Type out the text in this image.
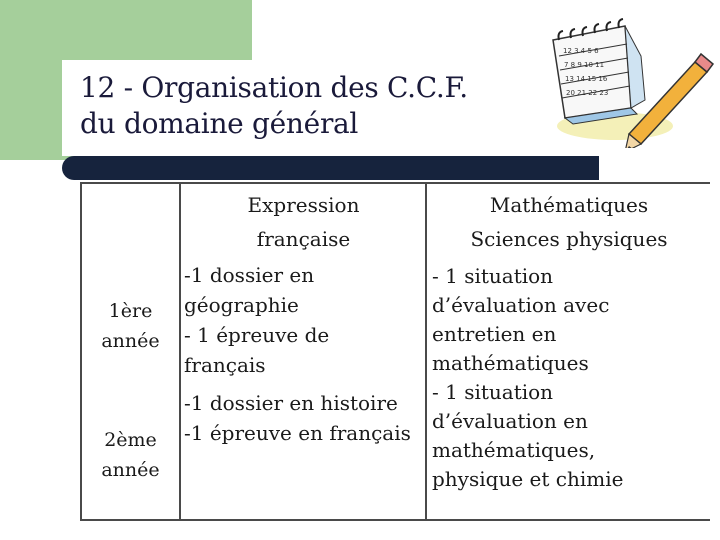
12 - Organisation des C.C.F.
du domaine général
12 3 4 5 6
7 8 9 10 11
13 14 15 16
20 21 22 23
Expression
française
Mathématiques
Sciences physiques
1ère
année
2ème
année
-1 dossier en
géographie
- 1 épreuve de
français
-1 dossier en histoire
-1 épreuve en français
- 1 situation
d’évaluation avec
entretien en
mathématiques
- 1 situation
d’évaluation en
mathématiques,
physique et chimie
